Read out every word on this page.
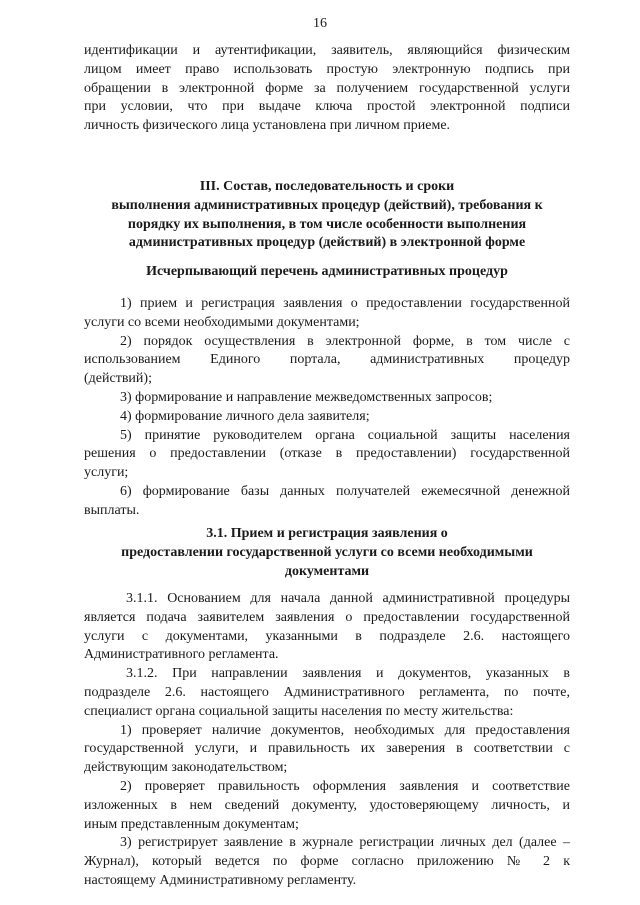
16
идентификации и аутентификации, заявитель, являющийся физическим
лицом имеет право использовать простую электронную подпись при
обращении в электронной форме за получением государственной услуги
при условии, что при выдаче ключа простой электронной подписи
личность физического лица установлена при личном приеме.
III. Состав, последовательность и сроки
выполнения административных процедур (действий), требования к
порядку их выполнения, в том числе особенности выполнения
административных процедур (действий) в электронной форме
Исчерпывающий перечень административных процедур
1) прием и регистрация заявления о предоставлении государственной
услуги со всеми необходимыми документами;
2) порядок осуществления в электронной форме, в том числе с
использованием Единого портала, административных процедур
(действий);
3) формирование и направление межведомственных запросов;
4) формирование личного дела заявителя;
5) принятие руководителем органа социальной защиты населения
решения о предоставлении (отказе в предоставлении) государственной
услуги;
6) формирование базы данных получателей ежемесячной денежной
выплаты.
3.1. Прием и регистрация заявления о
предоставлении государственной услуги со всеми необходимыми
документами
3.1.1. Основанием для начала данной административной процедуры
является подача заявителем заявления о предоставлении государственной
услуги с документами, указанными в подразделе 2.6. настоящего
Административного регламента.
3.1.2. При направлении заявления и документов, указанных в
подразделе 2.6. настоящего Административного регламента, по почте,
специалист органа социальной защиты населения по месту жительства:
1) проверяет наличие документов, необходимых для предоставления
государственной услуги, и правильность их заверения в соответствии с
действующим законодательством;
2) проверяет правильность оформления заявления и соответствие
изложенных в нем сведений документу, удостоверяющему личность, и
иным представленным документам;
3) регистрирует заявление в журнале регистрации личных дел (далее –
Журнал), который ведется по форме согласно приложению № 2 к
настоящему Административному регламенту.
